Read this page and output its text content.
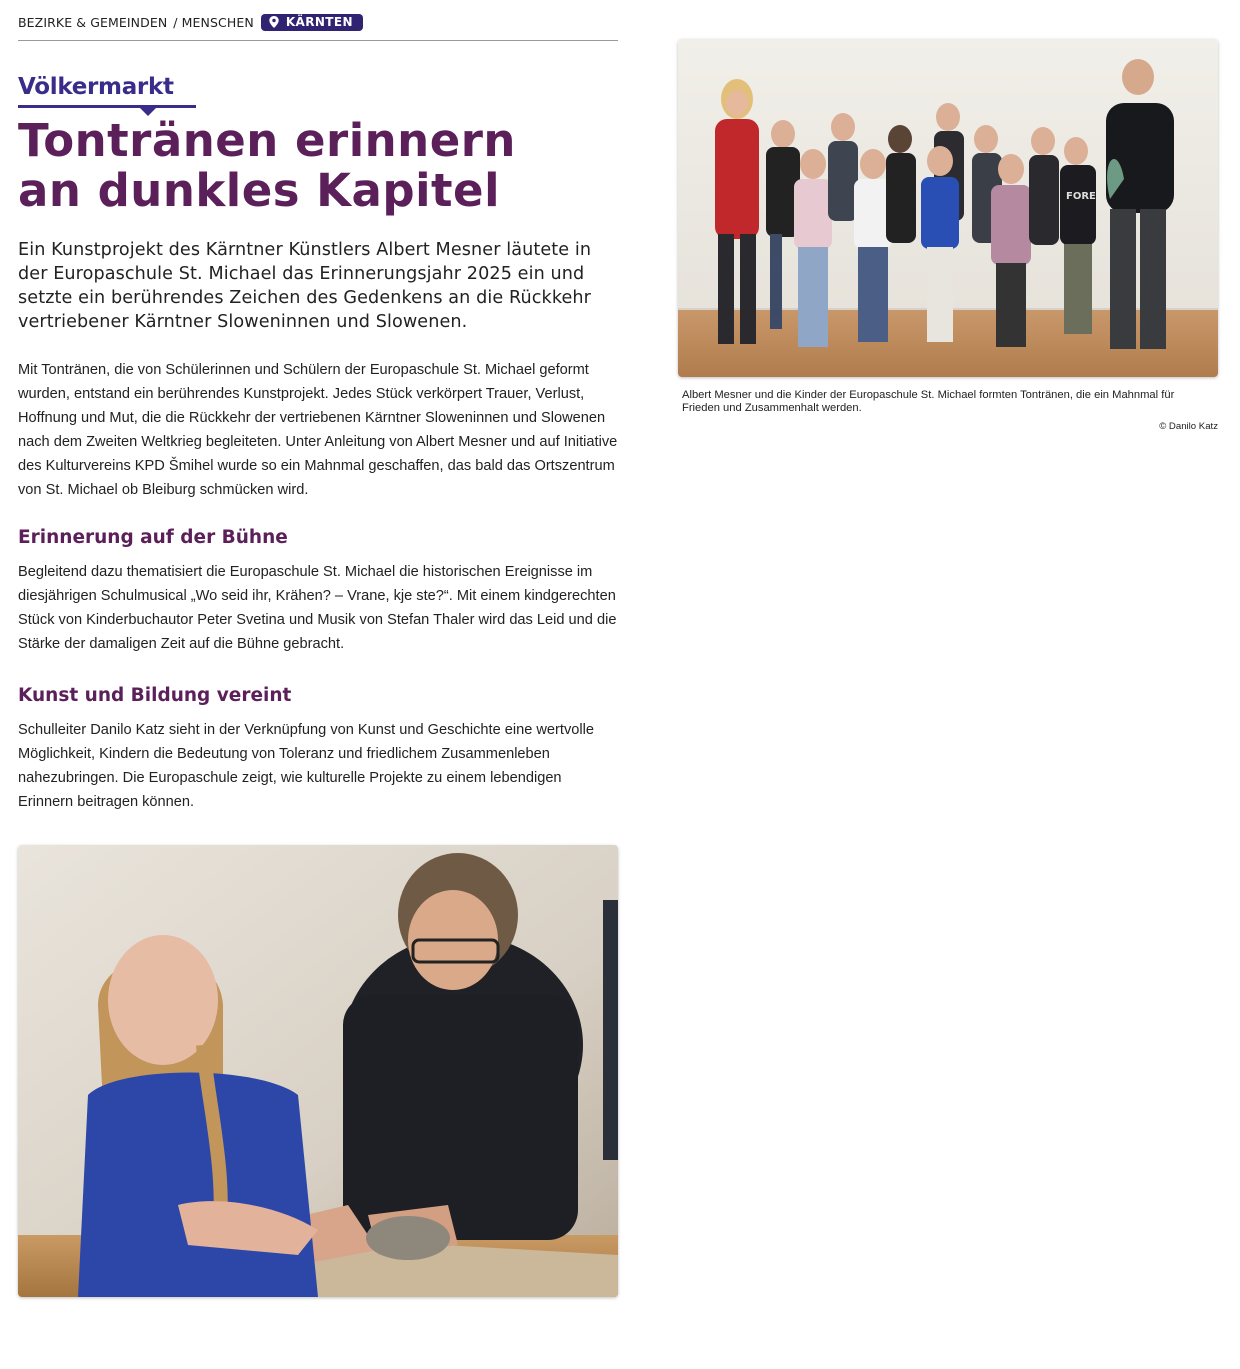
BEZIRKE & GEMEINDEN / MENSCHEN	KÄRNTEN
Völkermarkt
Tontränen erinnern
an dunkles Kapitel

Ein Kunstprojekt des Kärntner Künstlers Albert Mesner läutete in der Europaschule St. Michael das Erinnerungsjahr 2025 ein und setzte ein berührendes Zeichen des Gedenkens an die Rückkehr vertriebener Kärntner Sloweninnen und Slowenen.

Mit Tontränen, die von Schülerinnen und Schülern der Europaschule St. Michael geformt wurden, entstand ein berührendes Kunstprojekt. Jedes Stück verkörpert Trauer, Verlust, Hoffnung und Mut, die die Rückkehr der vertriebenen Kärntner Sloweninnen und Slowenen nach dem Zweiten Weltkrieg begleiteten. Unter Anleitung von Albert Mesner und auf Initiative des Kulturvereins KPD Šmihel wurde so ein Mahnmal geschaffen, das bald das Ortszentrum von St. Michael ob Bleiburg schmücken wird.

Erinnerung auf der Bühne

Begleitend dazu thematisiert die Europaschule St. Michael die historischen Ereignisse im diesjährigen Schulmusical „Wo seid ihr, Krähen? – Vrane, kje ste?“. Mit einem kindgerechten Stück von Kinderbuchautor Peter Svetina und Musik von Stefan Thaler wird das Leid und die Stärke der damaligen Zeit auf die Bühne gebracht.

Kunst und Bildung vereint

Schulleiter Danilo Katz sieht in der Verknüpfung von Kunst und Geschichte eine wertvolle Möglichkeit, Kindern die Bedeutung von Toleranz und friedlichem Zusammenleben nahezubringen. Die Europaschule zeigt, wie kulturelle Projekte zu einem lebendigen Erinnern beitragen können.

FORE

Albert Mesner und die Kinder der Europaschule St. Michael formten Tontränen, die ein Mahnmal für Frieden und Zusammenhalt werden.

© Danilo Katz
